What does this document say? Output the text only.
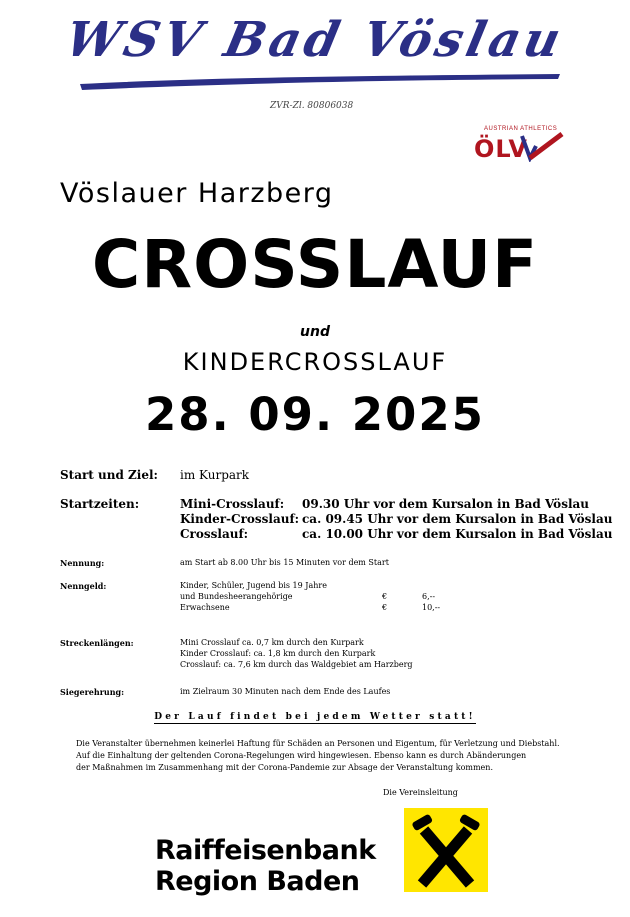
WSV Bad Vöslau
ZVR-Zl. 80806038
AUSTRIAN ATHLETICS
ÖLV
Vöslauer Harzberg
CROSSLAUF
und
KINDERCROSSLAUF
28. 09. 2025
Start und Ziel: im Kurpark
Startzeiten:	Mini-Crosslauf: 09.30 Uhr vor dem Kursalon in Bad Vöslau
Kinder-Crosslauf: ca. 09.45 Uhr vor dem Kursalon in Bad Vöslau
Crosslauf:	ca. 10.00 Uhr vor dem Kursalon in Bad Vöslau
Nennung:	am Start ab 8.00 Uhr bis 15 Minuten vor dem Start
Nenngeld:	Kinder, Schüler, Jugend bis 19 Jahre
und Bundesheerangehörige	€	6,--
Erwachsene	€	10,--
Streckenlängen:	Mini Crosslauf ca. 0,7 km durch den Kurpark
Kinder Crosslauf: ca. 1,8 km durch den Kurpark
Crosslauf: ca. 7,6 km durch das Waldgebiet am Harzberg
Siegerehrung:	im Zielraum 30 Minuten nach dem Ende des Laufes
Der Lauf findet bei jedem Wetter statt!
Die Veranstalter übernehmen keinerlei Haftung für Schäden an Personen und Eigentum, für Verletzung und Diebstahl.
Auf die Einhaltung der geltenden Corona-Regelungen wird hingewiesen. Ebenso kann es durch Abänderungen
der Maßnahmen im Zusammenhang mit der Corona-Pandemie zur Absage der Veranstaltung kommen.
Die Vereinsleitung
Raiffeisenbank
Region Baden
